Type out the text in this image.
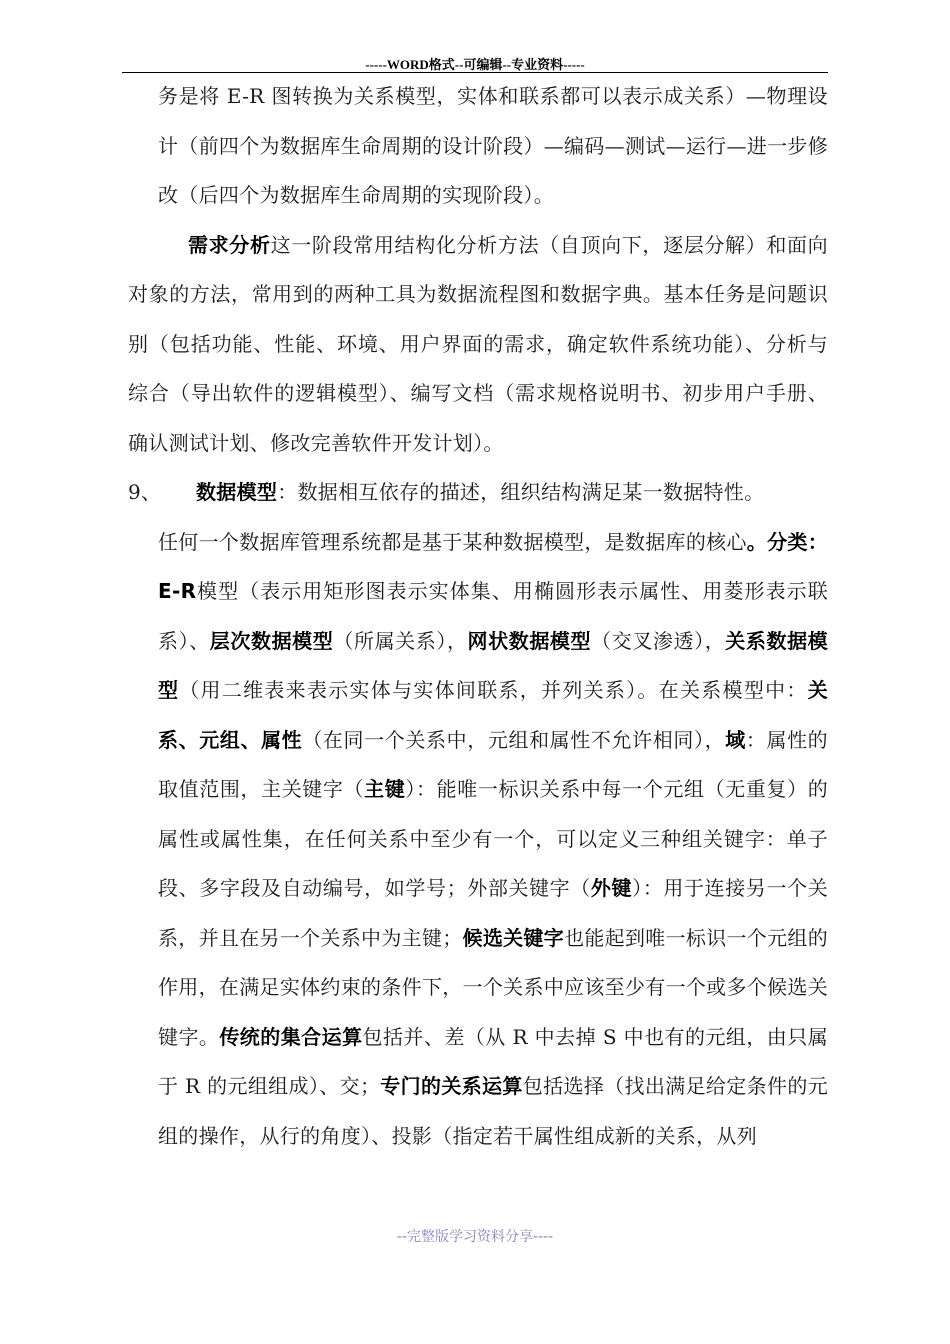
-----WORD格式--可编辑--专业资料-----

务是将 E-R 图转换为关系模型，实体和联系都可以表示成关系）—物理设计（前四个为数据库生命周期的设计阶段）—编码—测试—运行—进一步修改（后四个为数据库生命周期的实现阶段）。

需求分析这一阶段常用结构化分析方法（自顶向下，逐层分解）和面向对象的方法，常用到的两种工具为数据流程图和数据字典。基本任务是问题识别（包括功能、性能、环境、用户界面的需求，确定软件系统功能）、分析与综合（导出软件的逻辑模型）、编写文档（需求规格说明书、初步用户手册、确认测试计划、修改完善软件开发计划）。

9、 数据模型：数据相互依存的描述，组织结构满足某一数据特性。

任何一个数据库管理系统都是基于某种数据模型，是数据库的核心。分类：E-R模型（表示用矩形图表示实体集、用椭圆形表示属性、用菱形表示联系）、层次数据模型（所属关系），网状数据模型（交叉渗透），关系数据模型（用二维表来表示实体与实体间联系，并列关系）。在关系模型中：关系、元组、属性（在同一个关系中，元组和属性不允许相同），域：属性的取值范围，主关键字（主键）：能唯一标识关系中每一个元组（无重复）的属性或属性集，在任何关系中至少有一个，可以定义三种组关键字：单子段、多字段及自动编号，如学号；外部关键字（外键）：用于连接另一个关系，并且在另一个关系中为主键；候选关键字也能起到唯一标识一个元组的作用，在满足实体约束的条件下，一个关系中应该至少有一个或多个候选关键字。传统的集合运算包括并、差（从 R 中去掉 S 中也有的元组，由只属于 R 的元组组成）、交；专门的关系运算包括选择（找出满足给定条件的元组的操作，从行的角度）、投影（指定若干属性组成新的关系，从列

--完整版学习资料分享----
